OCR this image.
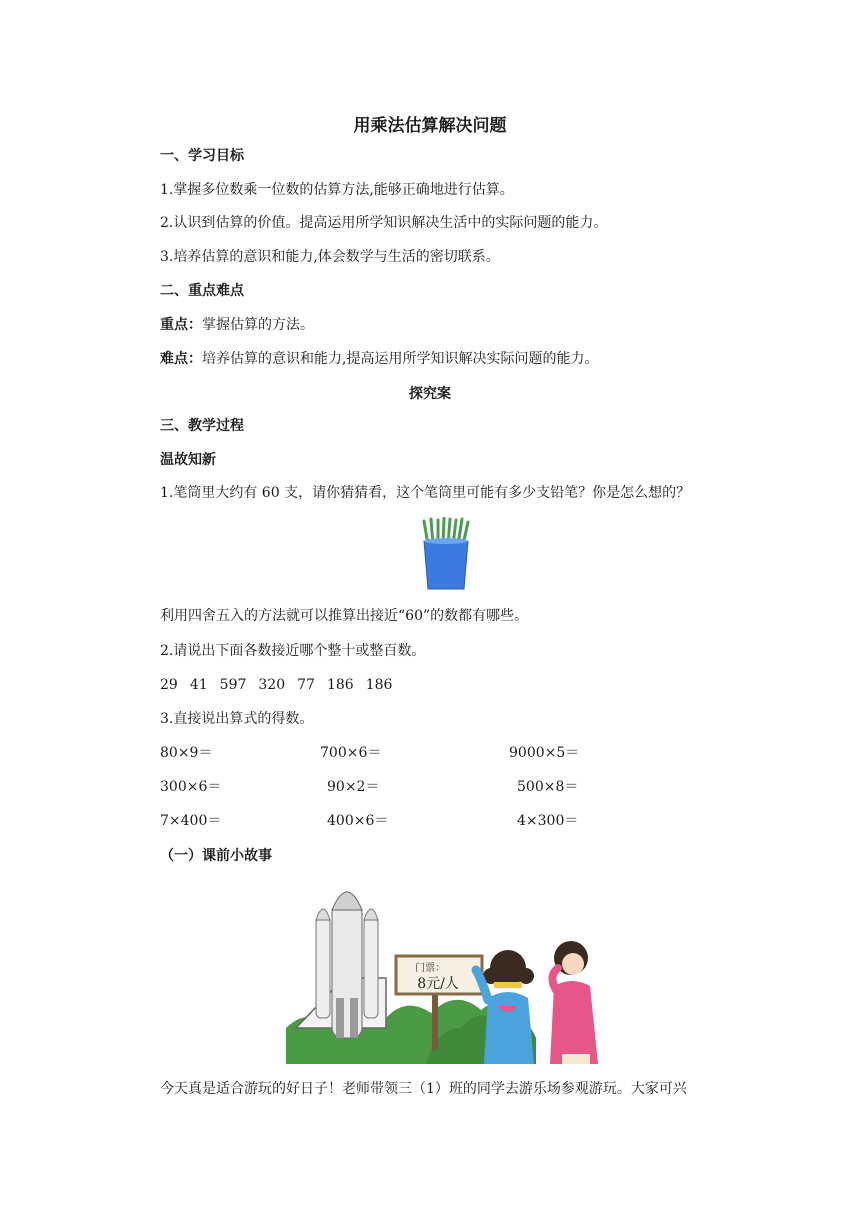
用乘法估算解决问题
一、学习目标
1.掌握多位数乘一位数的估算方法,能够正确地进行估算。
2.认识到估算的价值。提高运用所学知识解决生活中的实际问题的能力。
3.培养估算的意识和能力,体会数学与生活的密切联系。
二、重点难点
重点：掌握估算的方法。
难点：培养估算的意识和能力,提高运用所学知识解决实际问题的能力。
探究案
三、教学过程
温故知新
1.笔筒里大约有 60 支，请你猜猜看，这个笔筒里可能有多少支铅笔？你是怎么想的？
利用四舍五入的方法就可以推算出接近“60”的数都有哪些。
2.请说出下面各数接近哪个整十或整百数。
29 41 597 320 77 186 186
3.直接说出算式的得数。
80×9＝	700×6＝	9000×5＝
300×6＝	90×2＝	500×8＝
7×400＝	400×6＝	4×300＝
（一）课前小故事
门票：
8元/人
今天真是适合游玩的好日子！老师带领三（1）班的同学去游乐场参观游玩。大家可兴
